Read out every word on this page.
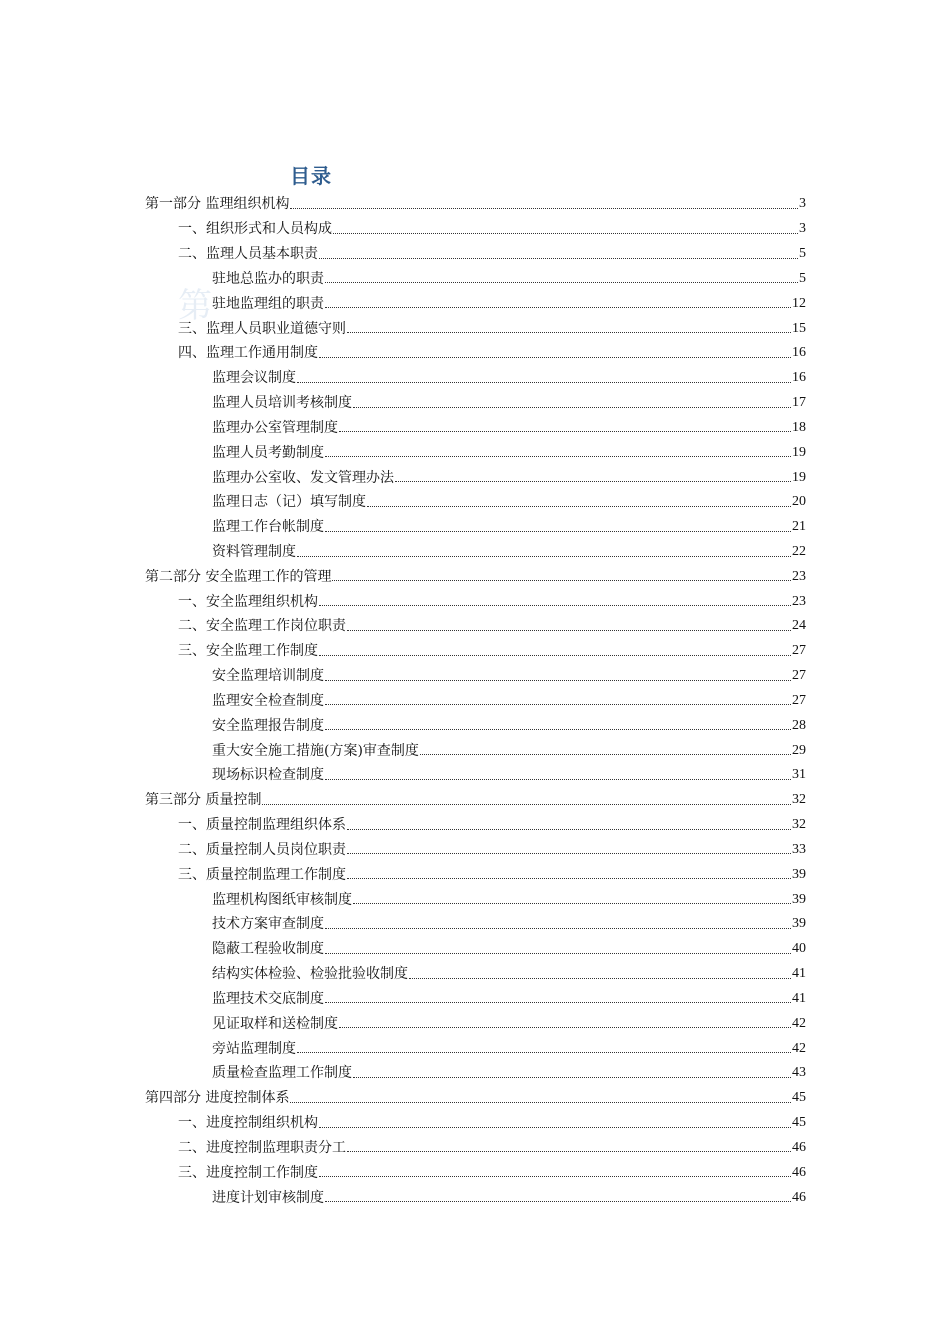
第
目录
第一部分 监理组织机构	3
一、组织形式和人员构成	3
二、监理人员基本职责	5
驻地总监办的职责	5
驻地监理组的职责	12
三、监理人员职业道德守则	15
四、监理工作通用制度	16
监理会议制度	16
监理人员培训考核制度	17
监理办公室管理制度	18
监理人员考勤制度	19
监理办公室收、发文管理办法	19
监理日志（记）填写制度	20
监理工作台帐制度	21
资料管理制度	22
第二部分 安全监理工作的管理	23
一、安全监理组织机构	23
二、安全监理工作岗位职责	24
三、安全监理工作制度	27
安全监理培训制度	27
监理安全检查制度	27
安全监理报告制度	28
重大安全施工措施(方案)审查制度	29
现场标识检查制度	31
第三部分 质量控制	32
一、质量控制监理组织体系	32
二、质量控制人员岗位职责	33
三、质量控制监理工作制度	39
监理机构图纸审核制度	39
技术方案审查制度	39
隐蔽工程验收制度	40
结构实体检验、检验批验收制度	41
监理技术交底制度	41
见证取样和送检制度	42
旁站监理制度	42
质量检查监理工作制度	43
第四部分 进度控制体系	45
一、进度控制组织机构	45
二、进度控制监理职责分工	46
三、进度控制工作制度	46
进度计划审核制度	46
